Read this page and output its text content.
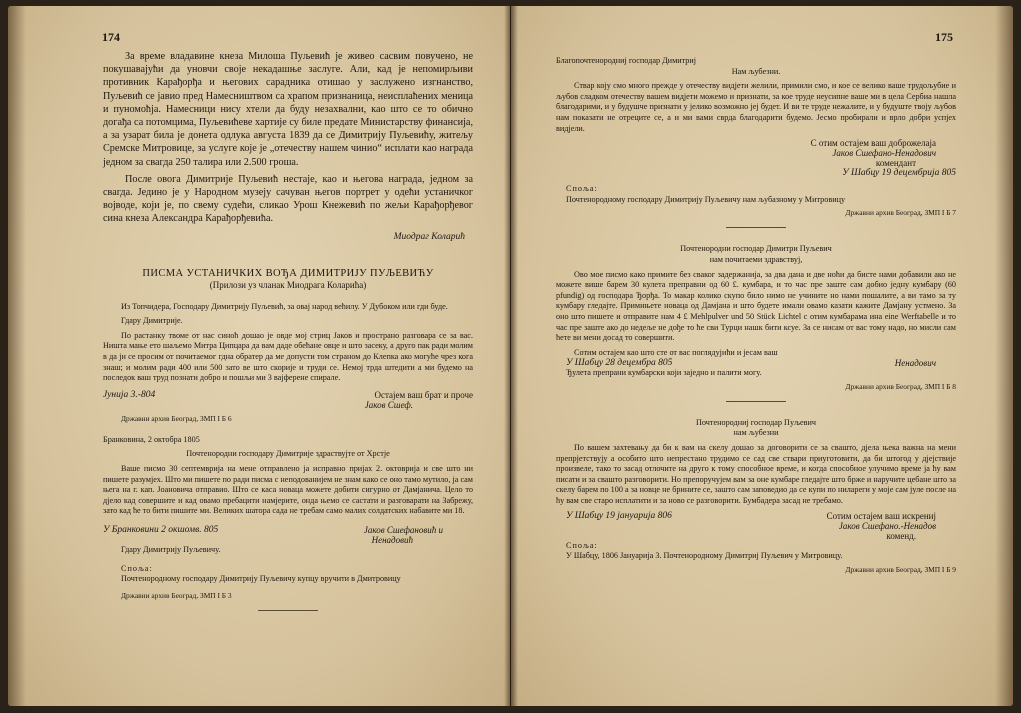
174

За време владавине кнеза Милоша Пуљевић је живео сасвим повучено, не покушавајући да уновчи своје некадашње заслуге. Али, кад је непомирљиви противник Карађорђа и његових сарадника отишао у заслужено изгнанство, Пуљевић се јавио пред Намесништвом са храпом признаница, неисплаћених меница и пуномоћја. Намесници нису хтели да буду незахвални, као што се то обично догађа са потомцима, Пуљевићеве хартије су биле предате Министарству финансија, а за узарат била је донета одлука августа 1839 да се Димитрију Пуљевићу, житељу Сремске Митровице, за услуге које је „отечеству нашем чинио“ исплати као награда једном за свагда 250 талира или 2.500 гроша.

После овога Димитрије Пуљевић нестаје, као и његова награда, једном за свагда. Једино је у Народном музеју сачуван његов портрет у одећи устаничког војводе, који је, по свему судећи, сликао Урош Кнежевић по жељи Карађорђевог сина кнеза Александра Карађорђевића.

Миодраг Коларић

ПИСМА УСТАНИЧКИХ ВОЂА ДИМИТРИЈУ ПУЉЕВИЋУ

(Прилози уз чланак Миодрага Коларића)

Из Топчидера, Господару Димитрију Пуљевић, за овај народ већилу. У Дубоком или гди буде.

Гдару Димитрије.

По растанку твоме от нас синоћ дошао је овде мој стриц Јаков и пространо разговара се за вас. Ништа мање ето шаљемо Митра Ципцара да вам даде обећане овце и што засеку, а друго пак ради молим в да ји се просим от почитаемог гдна обратер да ме допусти том страном до Клепка ако могуће чрез кога знаш; и молим ради 400 или 500 зато ве што скорије и труди се. Немој трда штедити а ми будемо на последок ваш труд познати добро и пошљи ми 3 ваjферене спирале.

Јунија 3.-804	Остаjем ваш брат и проче

Јаков Сшеф.

Државни архив Београд, ЗМП I Б 6

Бранковина, 2 октобра 1805

Почтенородни господару Димитрије здраствујте от Хрстје

Ваше писмо 30 септемврија на мене отправлено ја исправно пријах 2. октоврија и све што ни пишете разумјех. Што ми пишете по ради писма с неподованијем не знам како се оно тамо мутило, ја сам њега на г. кап. Јоановича отправио. Што се каса новаца можете добити сигурно от Дамјанича. Цело то дјело кад совершите и кад овамо пребацити намјерите, онда њемо се састати и разговарати на Забрежу, зато кад ће то бити пишите ми. Великих шатора сада не требам само малих солдатских набавите ми 18.

У Бранковини 2 окшомв. 805	Јаков Сшефановић и

Ненадовић

Гдару Димитрију Пуљевичу.

Споља:

Почтенородному господару Димитрију Пуљевичу купцу вручити в Дмитровицу

Државни архив Београд, ЗМП I Б 3

175

Благопочтенородниј господар Димитриј

Нам љубезни.

Ствар коју смо много прежде у отечеству видјети желили, примили смо, и кое се велико ваше трудољубие и љубов сладком отечеству вашем видјети можемо и признати, за кое труде неусипне ваше ми в цела Сербиа нашла благодарими, и у будушче признати у јелико возможно јеј будет. И ви те труде нежалите, и у будуште твоју љубов нам показати не отреците се, а и ми вами сврда благодарити будемо. Јесмо пробирали и врло добри успјех видјели.

С отим остаjем ваш доброжелаjа

Јаков Сшефано-Ненадович

комендант

У Шабцу 19 децембрија 805

Споља:

Почтенородному господару Димитрију Пуљевичу нам љубазному у Митровицу

Државни архив Београд, ЗМП I Б 7

Почтенородни господар Димитри Пуљевич

нам почитаеми здравствуј,

Ово мое писмо како примите без сваког задержанија, за два дана и две ноћи да бисте нами добавили ако не можете више барем 30 кулета преправни од 60 £. кумбара, и то час пре заште сам добио једну кумбару (60 pfundig) од господара Ђорђа. То макар колико скупо било нимо не учините но нами пошалите, а ви тамо за ту кумбару гледајте. Примињете новаца од Дамјана и што будете имали овамо казати кажите Дамјану устмено. За оно што пишете и отправите нам 4 £ Mehlpulver und 50 Stück Lichtel с отим кумбарама ина eine Werftabelle и то час пре заште ако до недеље не дође то ће сви Турци нашк бити ксуе. За се нисам от вас тому надо, но мисли сам ћете ви мени досад то совершити.

Сотим остаjем као што сте от вас поглядујићи и јесам ваш

У Шабцу 28 децембра 805	Ненадович

Ђулета препрани кумбарски који заједно и палити могу.

Државни архив Београд, ЗМП I Б 8

Почтенородниј господар Пуљевич

нам љубезни

По вашем захтевању да би к вам на скелу дошао за договорити се за свашто, дјела њека важна на мени препрјетствују а особито што непрестано трудимо се сад све ствари приуготовити, да би штогод у дјејствије произвеле, тако то засад отлочите на друго к тому способное време, и когда способное улучимо време ја ћу вам писати и за свашто разговорити. Но препоручујем вам за оне кумбаре гледајте што брже и наручите цебане што за скелу барем по 100 а за новце не брините се, заштo сам заповедио да се купи по нилареги у моје сам јуле после на ћу вам све старо исплатити и за ново се разговорити. Бумбадера засад не требамо.

У Шабцу 19 јануарија 806	Сотим остаjем ваш искрениj

Јаков Сшефано.-Ненадов

коменд.

Споља:

У Шабцу, 1806 Јануарија 3. Почтенородному Димитриј Пуљевич у Митровицу.

Државни архив Београд, ЗМП I Б 9
